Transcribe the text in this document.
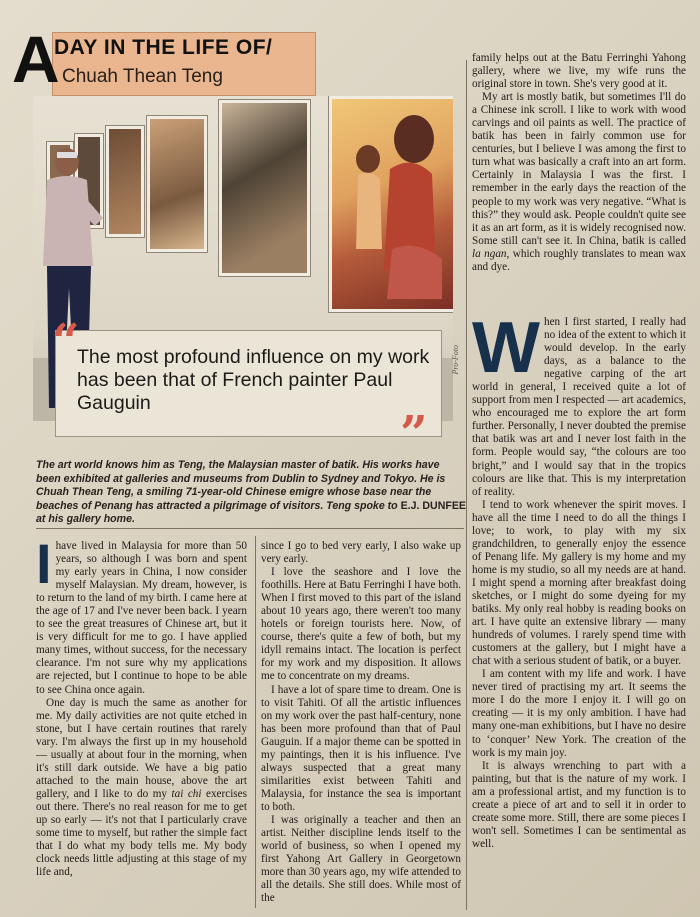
A
DAY IN THE LIFE OF/
Chuah Thean Teng
Pro-Foto
“
”
The most profound influence on my work has been that of French painter Paul Gauguin
The art world knows him as Teng, the Malaysian master of batik. His works have been exhibited at galleries and museums from Dublin to Sydney and Tokyo. He is Chuah Thean Teng, a smiling 71-year-old Chinese emigre whose base near the beaches of Penang has attracted a pilgrimage of visitors. Teng spoke to E.J. DUNFEE at his gallery home.

Ihave lived in Malaysia for more than 50 years, so although I was born and spent my early years in China, I now consider myself Malaysian. My dream, however, is to return to the land of my birth. I came here at the age of 17 and I've never been back. I yearn to see the great treasures of Chinese art, but it is very difficult for me to go. I have applied many times, without success, for the necessary clearance. I'm not sure why my applications are rejected, but I continue to hope to be able to see China once again.

One day is much the same as another for me. My daily activities are not quite etched in stone, but I have certain routines that rarely vary. I'm always the first up in my household — usually at about four in the morning, when it's still dark outside. We have a big patio attached to the main house, above the art gallery, and I like to do my tai chi exercises out there. There's no real reason for me to get up so early — it's not that I particularly crave some time to myself, but rather the simple fact that I do what my body tells me. My body clock needs little adjusting at this stage of my life and,

since I go to bed very early, I also wake up very early.

I love the seashore and I love the foothills. Here at Batu Ferringhi I have both. When I first moved to this part of the island about 10 years ago, there weren't too many hotels or foreign tourists here. Now, of course, there's quite a few of both, but my idyll remains intact. The location is perfect for my work and my disposition. It allows me to concentrate on my dreams.

I have a lot of spare time to dream. One is to visit Tahiti. Of all the artistic influences on my work over the past half-century, none has been more profound than that of Paul Gauguin. If a major theme can be spotted in my paintings, then it is his influence. I've always suspected that a great many similarities exist between Tahiti and Malaysia, for instance the sea is important to both.

I was originally a teacher and then an artist. Neither discipline lends itself to the world of business, so when I opened my first Yahong Art Gallery in Georgetown more than 30 years ago, my wife attended to all the details. She still does. While most of the

family helps out at the Batu Ferringhi Yahong gallery, where we live, my wife runs the original store in town. She's very good at it.

My art is mostly batik, but sometimes I'll do a Chinese ink scroll. I like to work with wood carvings and oil paints as well. The practice of batik has been in fairly common use for centuries, but I believe I was among the first to turn what was basically a craft into an art form. Certainly in Malaysia I was the first. I remember in the early days the reaction of the people to my work was very negative. “What is this?” they would ask. People couldn't quite see it as an art form, as it is widely recognised now. Some still can't see it. In China, batik is called la ngan, which roughly translates to mean wax and dye.

When I first started, I really had no idea of the extent to which it would develop. In the early days, as a balance to the negative carping of the art world in general, I received quite a lot of support from men I respected — art academics, who encouraged me to explore the art form further. Personally, I never doubted the premise that batik was art and I never lost faith in the form. People would say, “the colours are too bright,” and I would say that in the tropics colours are like that. This is my interpretation of reality.

I tend to work whenever the spirit moves. I have all the time I need to do all the things I love; to work, to play with my six grandchildren, to generally enjoy the essence of Penang life. My gallery is my home and my home is my studio, so all my needs are at hand. I might spend a morning after breakfast doing sketches, or I might do some dyeing for my batiks. My only real hobby is reading books on art. I have quite an extensive library — many hundreds of volumes. I rarely spend time with customers at the gallery, but I might have a chat with a serious student of batik, or a buyer.

I am content with my life and work. I have never tired of practising my art. It seems the more I do the more I enjoy it. I will go on creating — it is my only ambition. I have had many one-man exhibitions, but I have no desire to ‘conquer’ New York. The creation of the work is my main joy.

It is always wrenching to part with a painting, but that is the nature of my work. I am a professional artist, and my function is to create a piece of art and to sell it in order to create some more. Still, there are some pieces I won't sell. Sometimes I can be sentimental as well.
